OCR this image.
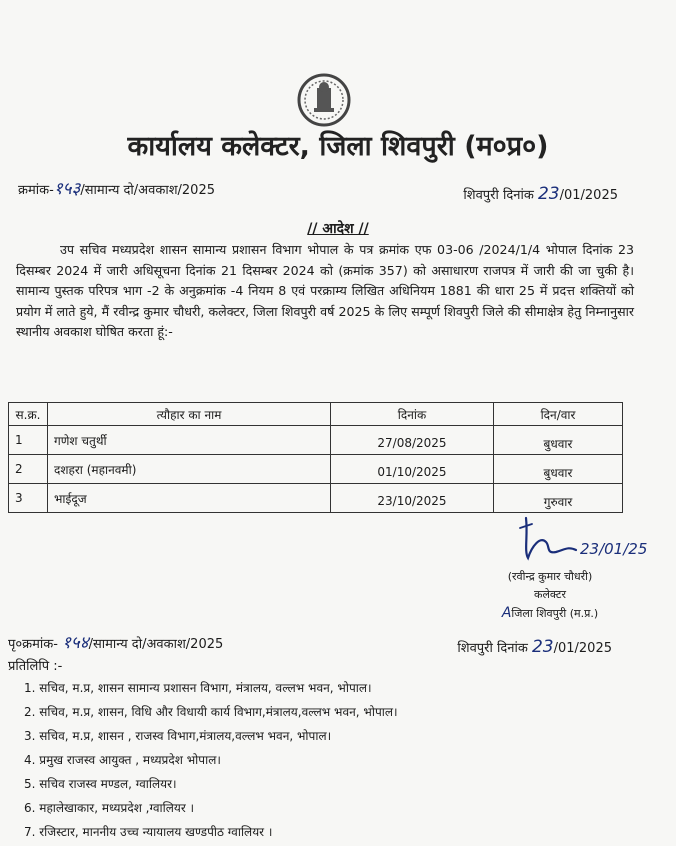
कार्यालय कलेक्टर, जिला शिवपुरी (म०प्र०)
क्रमांक-१५३/सामान्य दो/अवकाश/2025	शिवपुरी दिनांक 23/01/2025
// आदेश //
उप सचिव मध्यप्रदेश शासन सामान्य प्रशासन विभाग भोपाल के पत्र क्रमांक एफ 03-06 /2024/1/4 भोपाल दिनांक 23 दिसम्बर 2024 में जारी अधिसूचना दिनांक 21 दिसम्बर 2024 को (क्रमांक 357) को असाधारण राजपत्र में जारी की जा चुकी है। सामान्य पुस्तक परिपत्र भाग -2 के अनुक्रमांक -4 नियम 8 एवं परक्राम्य लिखित अधिनियम 1881 की धारा 25 में प्रदत्त शक्तियों को प्रयोग में लाते हुये, मैं रवीन्द्र कुमार चौधरी, कलेक्टर, जिला शिवपुरी वर्ष 2025 के लिए सम्पूर्ण शिवपुरी जिले की सीमाक्षेत्र हेतु निम्नानुसार स्थानीय अवकाश घोषित करता हूं:-
स.क्र.	त्यौहार का नाम	दिनांक	दिन/वार
1	गणेश चतुर्थी	27/08/2025	बुधवार
2	दशहरा (महानवमी)	01/10/2025	बुधवार
3	भाईदूज	23/10/2025	गुरुवार
23/01/25
(रवीन्द्र कुमार चौधरी)
कलेक्टर
Aजिला शिवपुरी (म.प्र.)
पृ०क्रमांक- १५४/सामान्य दो/अवकाश/2025	शिवपुरी दिनांक 23/01/2025
प्रतिलिपि :-
1. सचिव, म.प्र, शासन सामान्य प्रशासन विभाग, मंत्रालय, वल्लभ भवन, भोपाल।
2. सचिव, म.प्र, शासन, विधि और विधायी कार्य विभाग,मंत्रालय,वल्लभ भवन, भोपाल।
3. सचिव, म.प्र, शासन , राजस्व विभाग,मंत्रालय,वल्लभ भवन, भोपाल।
4. प्रमुख राजस्व आयुक्त , मध्यप्रदेश भोपाल।
5. सचिव राजस्व मण्डल, ग्वालियर।
6. महालेखाकार, मध्यप्रदेश ,ग्वालियर ।
7. रजिस्टार, माननीय उच्च न्यायालय खण्डपीठ ग्वालियर ।
